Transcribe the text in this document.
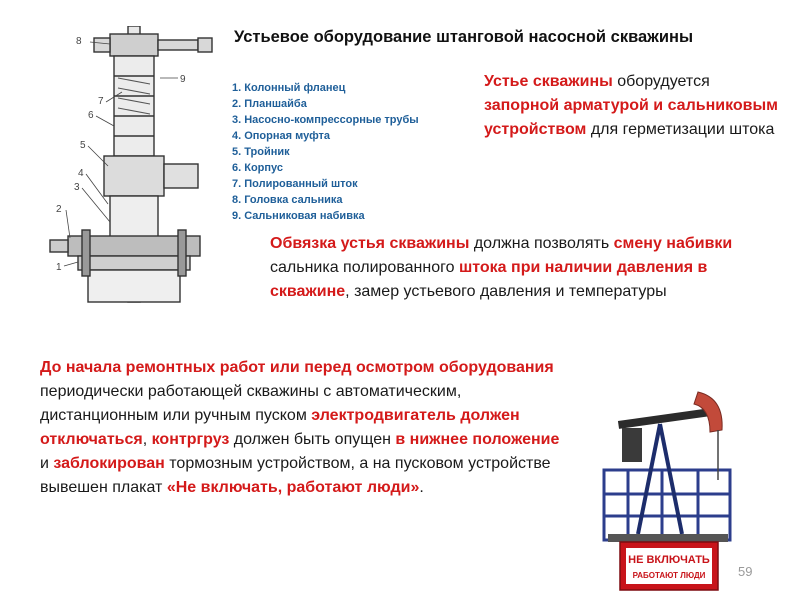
8
7
6
5
4
3
2
1
9
Устьевое оборудование штанговой насосной скважины
1. Колонный фланец
2. Планшайба
3. Насосно-компрессорные трубы
4. Опорная муфта
5. Тройник
6. Корпус
7. Полированный шток
8. Головка сальника
9. Сальниковая набивка
Устье скважины оборудуется запорной арматурой и сальниковым устройством для герметизации штока
Обвязка устья скважины должна позволять смену набивки сальника полированного штока при наличии давления в скважине, замер устьевого давления и температуры
До начала ремонтных работ или перед осмотром оборудования периодически работающей скважины с автоматическим, дистанционным или ручным пуском электродвигатель должен отключаться, контргруз должен быть опущен в нижнее положение и заблокирован тормозным устройством, а на пусковом устройстве вывешен плакат «Не включать, работают люди».
НЕ ВКЛЮЧАТЬ
РАБОТАЮТ ЛЮДИ	59
